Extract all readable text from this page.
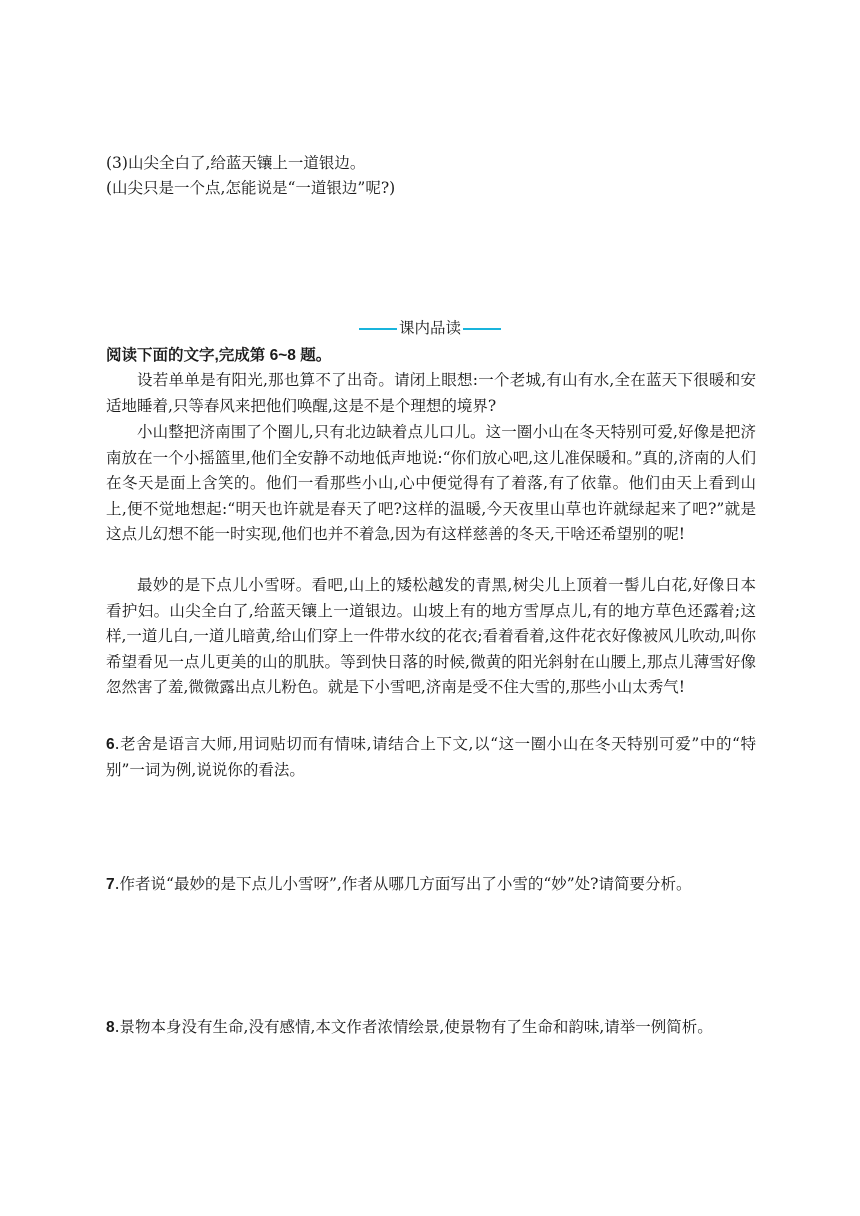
(3)山尖全白了,给蓝天镶上一道银边。
(山尖只是一个点,怎能说是“一道银边”呢?)
课内品读
阅读下面的文字,完成第 6~8 题。

设若单单是有阳光,那也算不了出奇。请闭上眼想:一个老城,有山有水,全在蓝天下很暖和安适地睡着,只等春风来把他们唤醒,这是不是个理想的境界?

小山整把济南围了个圈儿,只有北边缺着点儿口儿。这一圈小山在冬天特别可爱,好像是把济南放在一个小摇篮里,他们全安静不动地低声地说:“你们放心吧,这儿准保暖和。”真的,济南的人们在冬天是面上含笑的。他们一看那些小山,心中便觉得有了着落,有了依靠。他们由天上看到山上,便不觉地想起:“明天也许就是春天了吧?这样的温暖,今天夜里山草也许就绿起来了吧?”就是这点儿幻想不能一时实现,他们也并不着急,因为有这样慈善的冬天,干啥还希望别的呢!

最妙的是下点儿小雪呀。看吧,山上的矮松越发的青黑,树尖儿上顶着一髻儿白花,好像日本看护妇。山尖全白了,给蓝天镶上一道银边。山坡上有的地方雪厚点儿,有的地方草色还露着;这样,一道儿白,一道儿暗黄,给山们穿上一件带水纹的花衣;看着看着,这件花衣好像被风儿吹动,叫你希望看见一点儿更美的山的肌肤。等到快日落的时候,微黄的阳光斜射在山腰上,那点儿薄雪好像忽然害了羞,微微露出点儿粉色。就是下小雪吧,济南是受不住大雪的,那些小山太秀气!

6.老舍是语言大师,用词贴切而有情味,请结合上下文,以“这一圈小山在冬天特别可爱”中的“特别”一词为例,说说你的看法。

7.作者说“最妙的是下点儿小雪呀”,作者从哪几方面写出了小雪的“妙”处?请简要分析。

8.景物本身没有生命,没有感情,本文作者浓情绘景,使景物有了生命和韵味,请举一例简析。
